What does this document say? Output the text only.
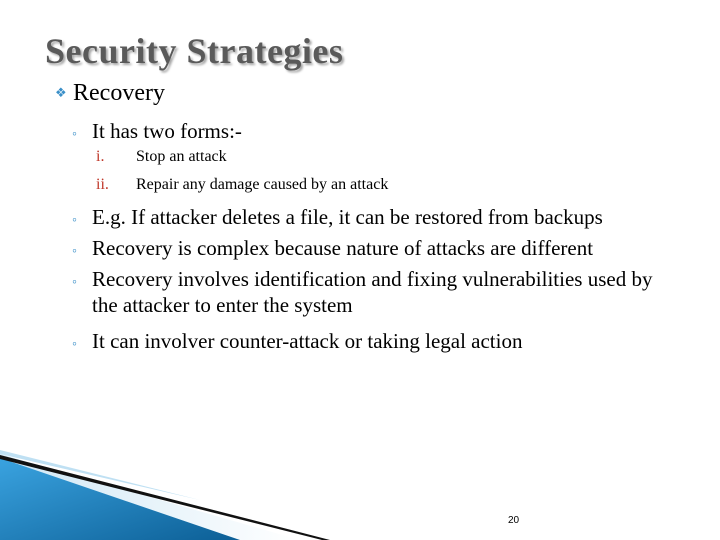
Security Strategies
❖ Recovery
◦ It has two forms:-
i.	Stop an attack
ii.	Repair any damage caused by an attack
◦ E.g. If attacker deletes a file, it can be restored from backups
◦ Recovery is complex because nature of attacks are different
◦ Recovery involves identification and fixing vulnerabilities used by the attacker to enter the system
◦ It can involver counter-attack or taking legal action
20
